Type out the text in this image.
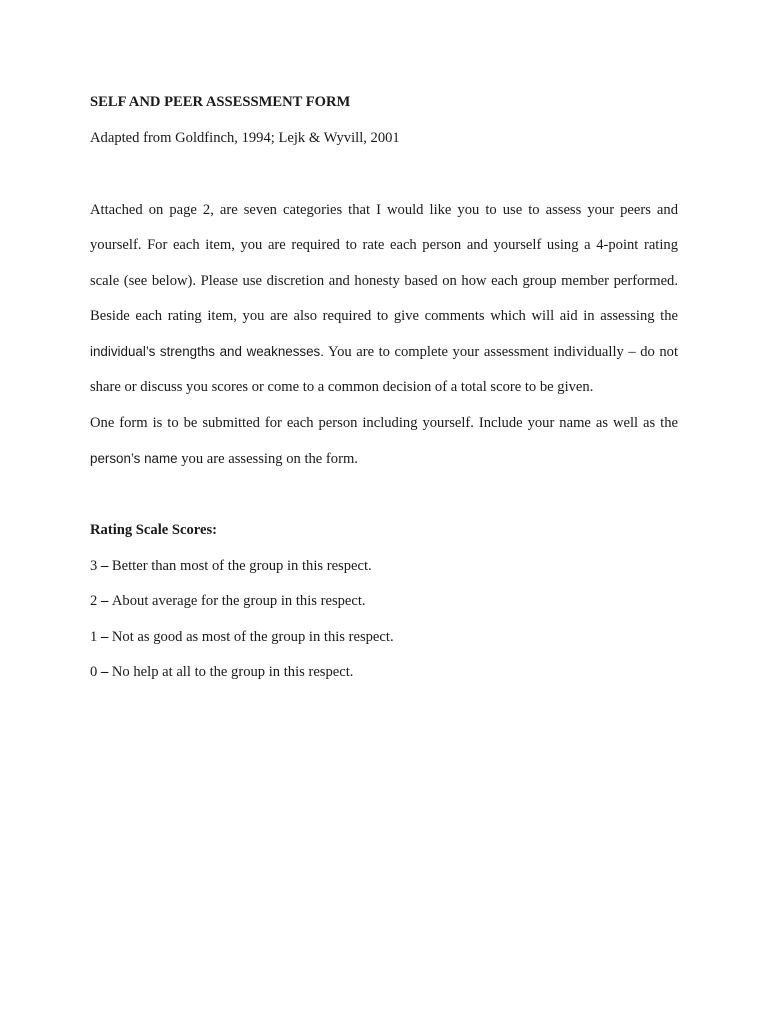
SELF AND PEER ASSESSMENT FORM
Adapted from Goldfinch, 1994; Lejk & Wyvill, 2001
Attached on page 2, are seven categories that I would like you to use to assess your peers and
yourself. For each item, you are required to rate each person and yourself using a 4-point rating
scale (see below). Please use discretion and honesty based on how each group member performed.
Beside each rating item, you are also required to give comments which will aid in assessing the
individual’s strengths and weaknesses. You are to complete your assessment individually – do not
share or discuss you scores or come to a common decision of a total score to be given.
One form is to be submitted for each person including yourself. Include your name as well as the
person’s name you are assessing on the form.
Rating Scale Scores:
3 – Better than most of the group in this respect.
2 – About average for the group in this respect.
1 – Not as good as most of the group in this respect.
0 – No help at all to the group in this respect.
